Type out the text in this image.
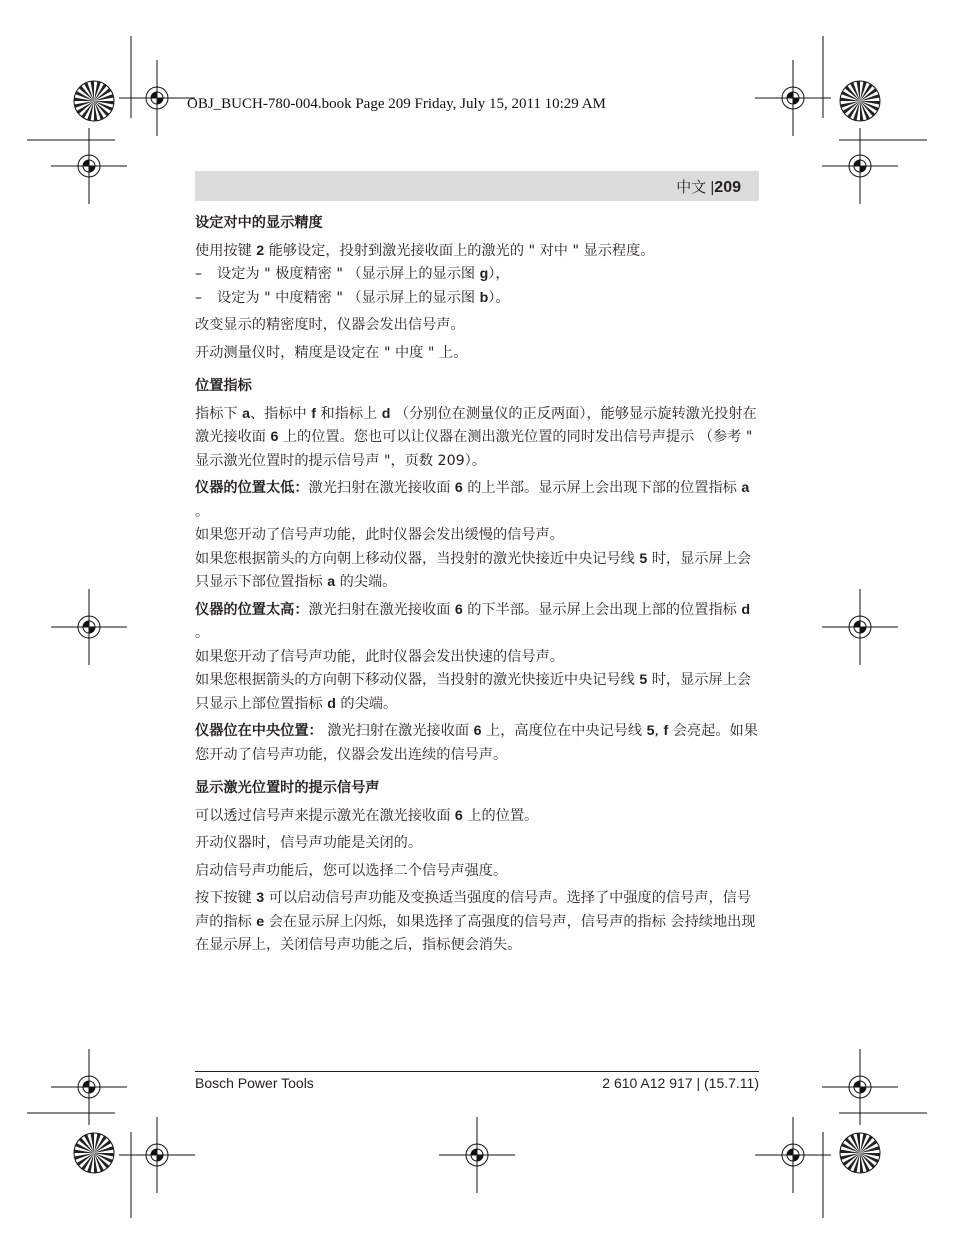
OBJ_BUCH-780-004.book Page 209 Friday, July 15, 2011 10:29 AM
中文 |209
设定对中的显示精度

使用按键 2 能够设定，投射到激光接收面上的激光的 " 对中 " 显示程度。

– 设定为 " 极度精密 " （显示屏上的显示图 g），

– 设定为 " 中度精密 " （显示屏上的显示图 b）。

改变显示的精密度时，仪器会发出信号声。

开动测量仪时，精度是设定在 " 中度 " 上。

位置指标

指标下 a、指标中 f 和指标上 d （分别位在测量仪的正反两面），能够显示旋转激光投射在激光接收面 6 上的位置。您也可以让仪器在测出激光位置的同时发出信号声提示 （参考 " 显示激光位置时的提示信号声 "，页数 209）。

仪器的位置太低：激光扫射在激光接收面 6 的上半部。显示屏上会出现下部的位置指标 a 。

如果您开动了信号声功能，此时仪器会发出缓慢的信号声。

如果您根据箭头的方向朝上移动仪器，当投射的激光快接近中央记号线 5 时，显示屏上会只显示下部位置指标 a 的尖端。

仪器的位置太高：激光扫射在激光接收面 6 的下半部。显示屏上会出现上部的位置指标 d 。

如果您开动了信号声功能，此时仪器会发出快速的信号声。

如果您根据箭头的方向朝下移动仪器，当投射的激光快接近中央记号线 5 时，显示屏上会只显示上部位置指标 d 的尖端。

仪器位在中央位置： 激光扫射在激光接收面 6 上，高度位在中央记号线 5, f 会亮起。如果您开动了信号声功能，仪器会发出连续的信号声。

显示激光位置时的提示信号声

可以透过信号声来提示激光在激光接收面 6 上的位置。

开动仪器时，信号声功能是关闭的。

启动信号声功能后，您可以选择二个信号声强度。

按下按键 3 可以启动信号声功能及变换适当强度的信号声。选择了中强度的信号声，信号声的指标 e 会在显示屏上闪烁，如果选择了高强度的信号声，信号声的指标 会持续地出现在显示屏上，关闭信号声功能之后，指标便会消失。

Bosch Power Tools	2 610 A12 917 | (15.7.11)
